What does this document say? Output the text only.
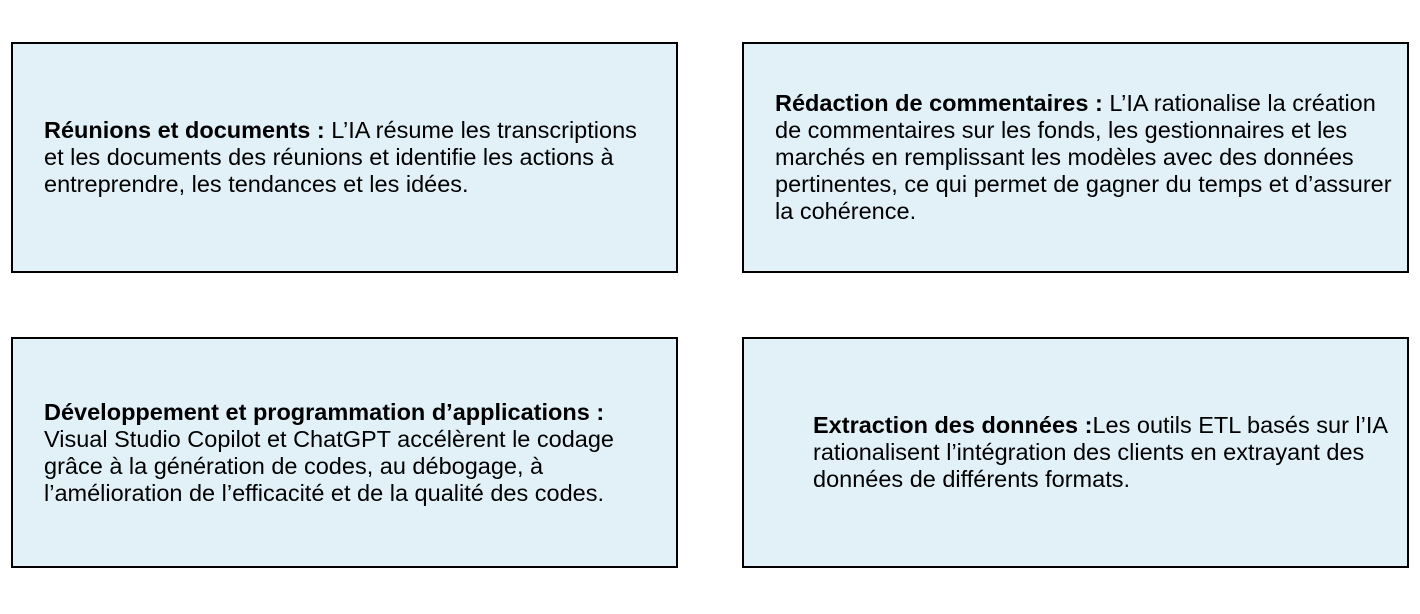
Réunions et documents : L’IA résume les transcriptions et les documents des réunions et identifie les actions à entreprendre, les tendances et les idées.

Rédaction de commentaires : L’IA rationalise la création de commentaires sur les fonds, les gestionnaires et les marchés en remplissant les modèles avec des données pertinentes, ce qui permet de gagner du temps et d’assurer la cohérence.

Développement et programmation d’applications :
Visual Studio Copilot et ChatGPT accélèrent le codage grâce à la génération de codes, au débogage, à l’amélioration de l’efficacité et de la qualité des codes.

Extraction des données :Les outils ETL basés sur l’IA rationalisent l’intégration des clients en extrayant des données de différents formats.
